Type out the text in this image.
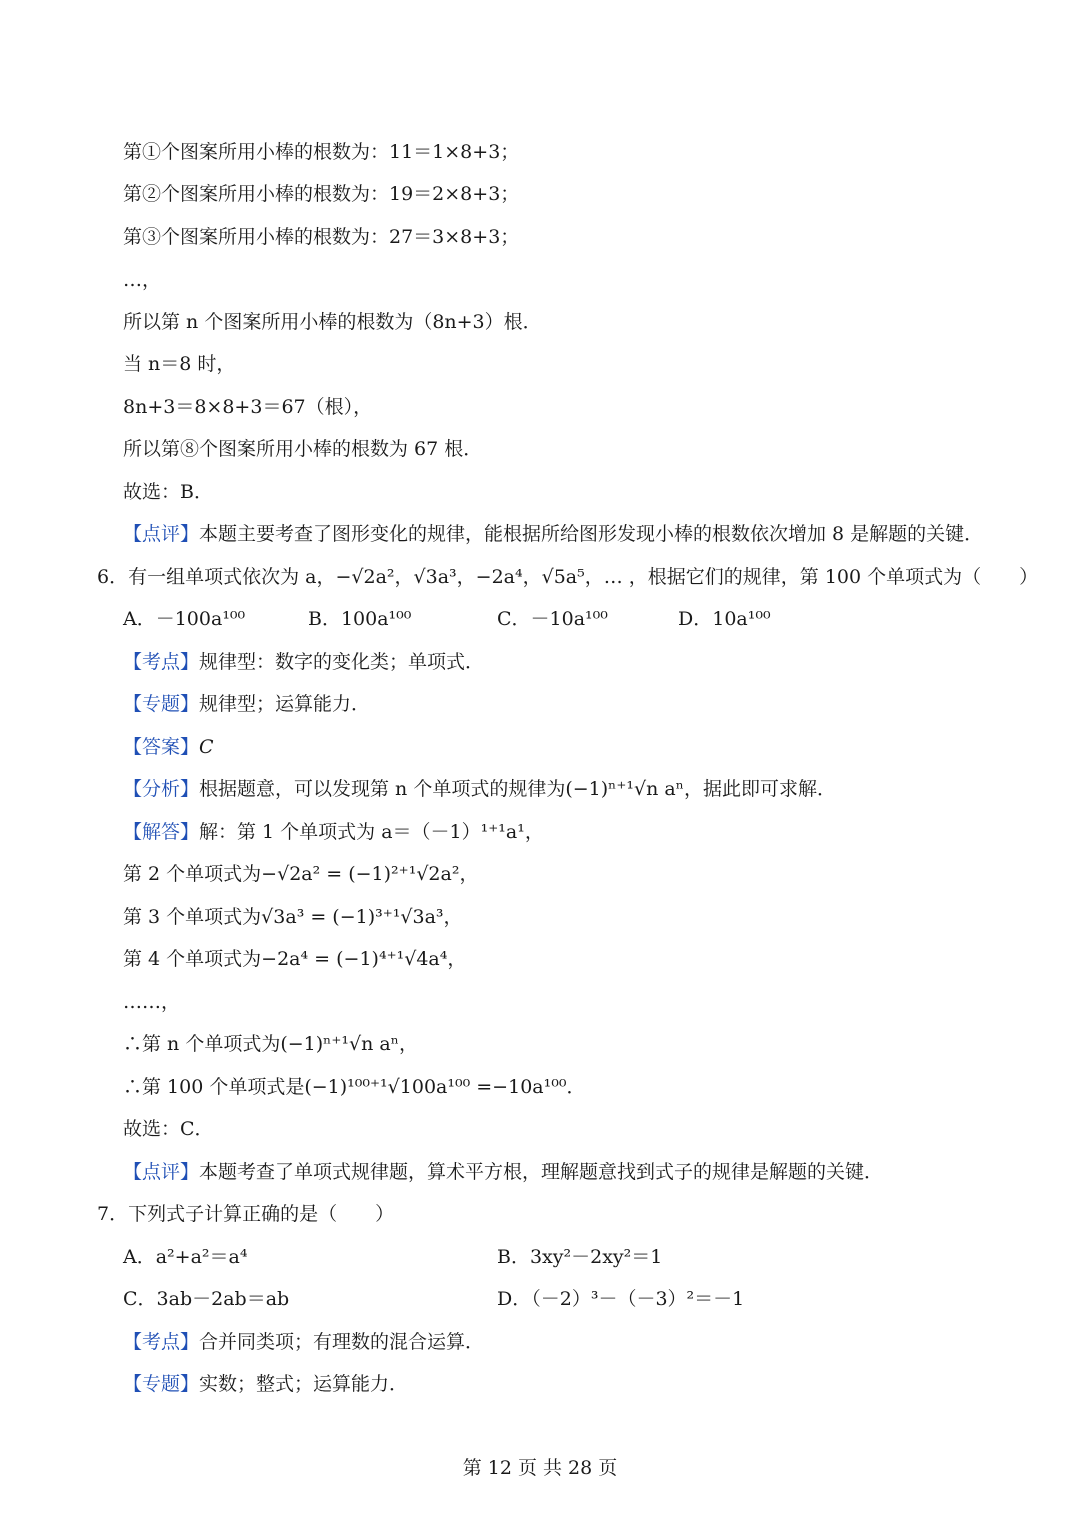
第①个图案所用小棒的根数为：11＝1×8+3；
第②个图案所用小棒的根数为：19＝2×8+3；
第③个图案所用小棒的根数为：27＝3×8+3；
…，
所以第 n 个图案所用小棒的根数为（8n+3）根．
当 n＝8 时，
8n+3＝8×8+3＝67（根），
所以第⑧个图案所用小棒的根数为 67 根．
故选：B．
【点评】本题主要考查了图形变化的规律，能根据所给图形发现小棒的根数依次增加 8 是解题的关键．
6．有一组单项式依次为 a，−√2a²，√3a³，−2a⁴，√5a⁵，… ，根据它们的规律，第 100 个单项式为（　　）
A．－100a¹⁰⁰	B．100a¹⁰⁰	C．－10a¹⁰⁰	D．10a¹⁰⁰
【考点】规律型：数字的变化类；单项式．
【专题】规律型；运算能力．
【答案】C
【分析】根据题意，可以发现第 n 个单项式的规律为(−1)ⁿ⁺¹√n aⁿ，据此即可求解．
【解答】解：第 1 个单项式为 a＝（－1）¹⁺¹a¹，
第 2 个单项式为−√2a² = (−1)²⁺¹√2a²，
第 3 个单项式为√3a³ = (−1)³⁺¹√3a³，
第 4 个单项式为−2a⁴ = (−1)⁴⁺¹√4a⁴，
……，
∴第 n 个单项式为(−1)ⁿ⁺¹√n aⁿ，
∴第 100 个单项式是(−1)¹⁰⁰⁺¹√100a¹⁰⁰ =−10a¹⁰⁰．
故选：C．
【点评】本题考查了单项式规律题，算术平方根，理解题意找到式子的规律是解题的关键．
7．下列式子计算正确的是（　　）
A．a²+a²＝a⁴	B．3xy²－2xy²＝1
C．3ab－2ab＝ab	D．（－2）³－（－3）²＝－1
【考点】合并同类项；有理数的混合运算．
【专题】实数；整式；运算能力．
第 12 页 共 28 页
